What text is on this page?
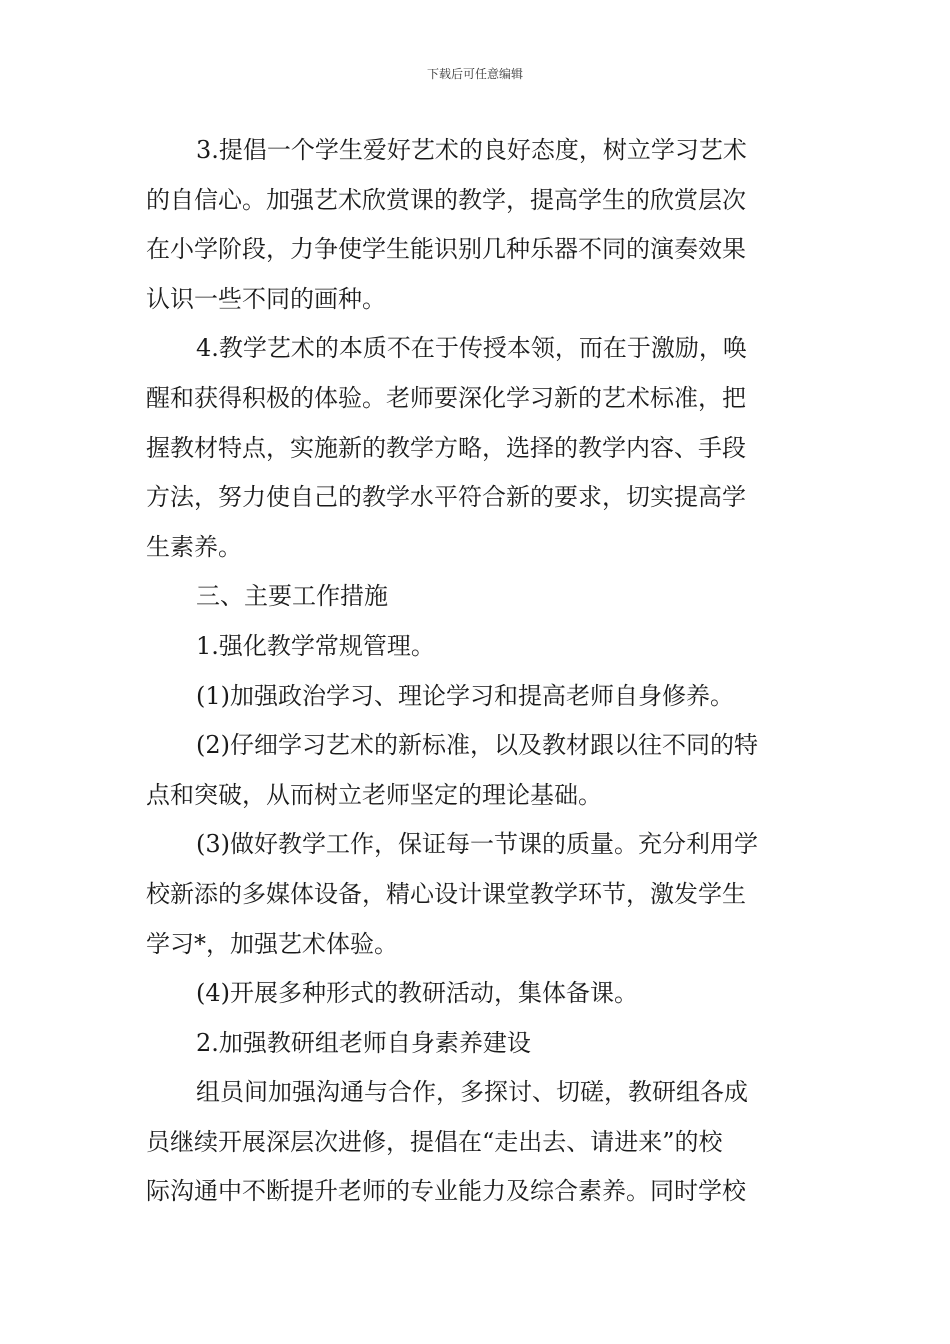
下载后可任意编辑
3.提倡一个学生爱好艺术的良好态度，树立学习艺术
的自信心。加强艺术欣赏课的教学，提高学生的欣赏层次
在小学阶段，力争使学生能识别几种乐器不同的演奏效果
认识一些不同的画种。
4.教学艺术的本质不在于传授本领，而在于激励，唤
醒和获得积极的体验。老师要深化学习新的艺术标准，把
握教材特点，实施新的教学方略，选择的教学内容、手段
方法，努力使自己的教学水平符合新的要求，切实提高学
生素养。
三、主要工作措施
1.强化教学常规管理。
(1)加强政治学习、理论学习和提高老师自身修养。
(2)仔细学习艺术的新标准，以及教材跟以往不同的特
点和突破，从而树立老师坚定的理论基础。
(3)做好教学工作，保证每一节课的质量。充分利用学
校新添的多媒体设备，精心设计课堂教学环节，激发学生
学习*，加强艺术体验。
(4)开展多种形式的教研活动，集体备课。
2.加强教研组老师自身素养建设
组员间加强沟通与合作，多探讨、切磋，教研组各成
员继续开展深层次进修，提倡在“走出去、请进来”的校
际沟通中不断提升老师的专业能力及综合素养。同时学校
